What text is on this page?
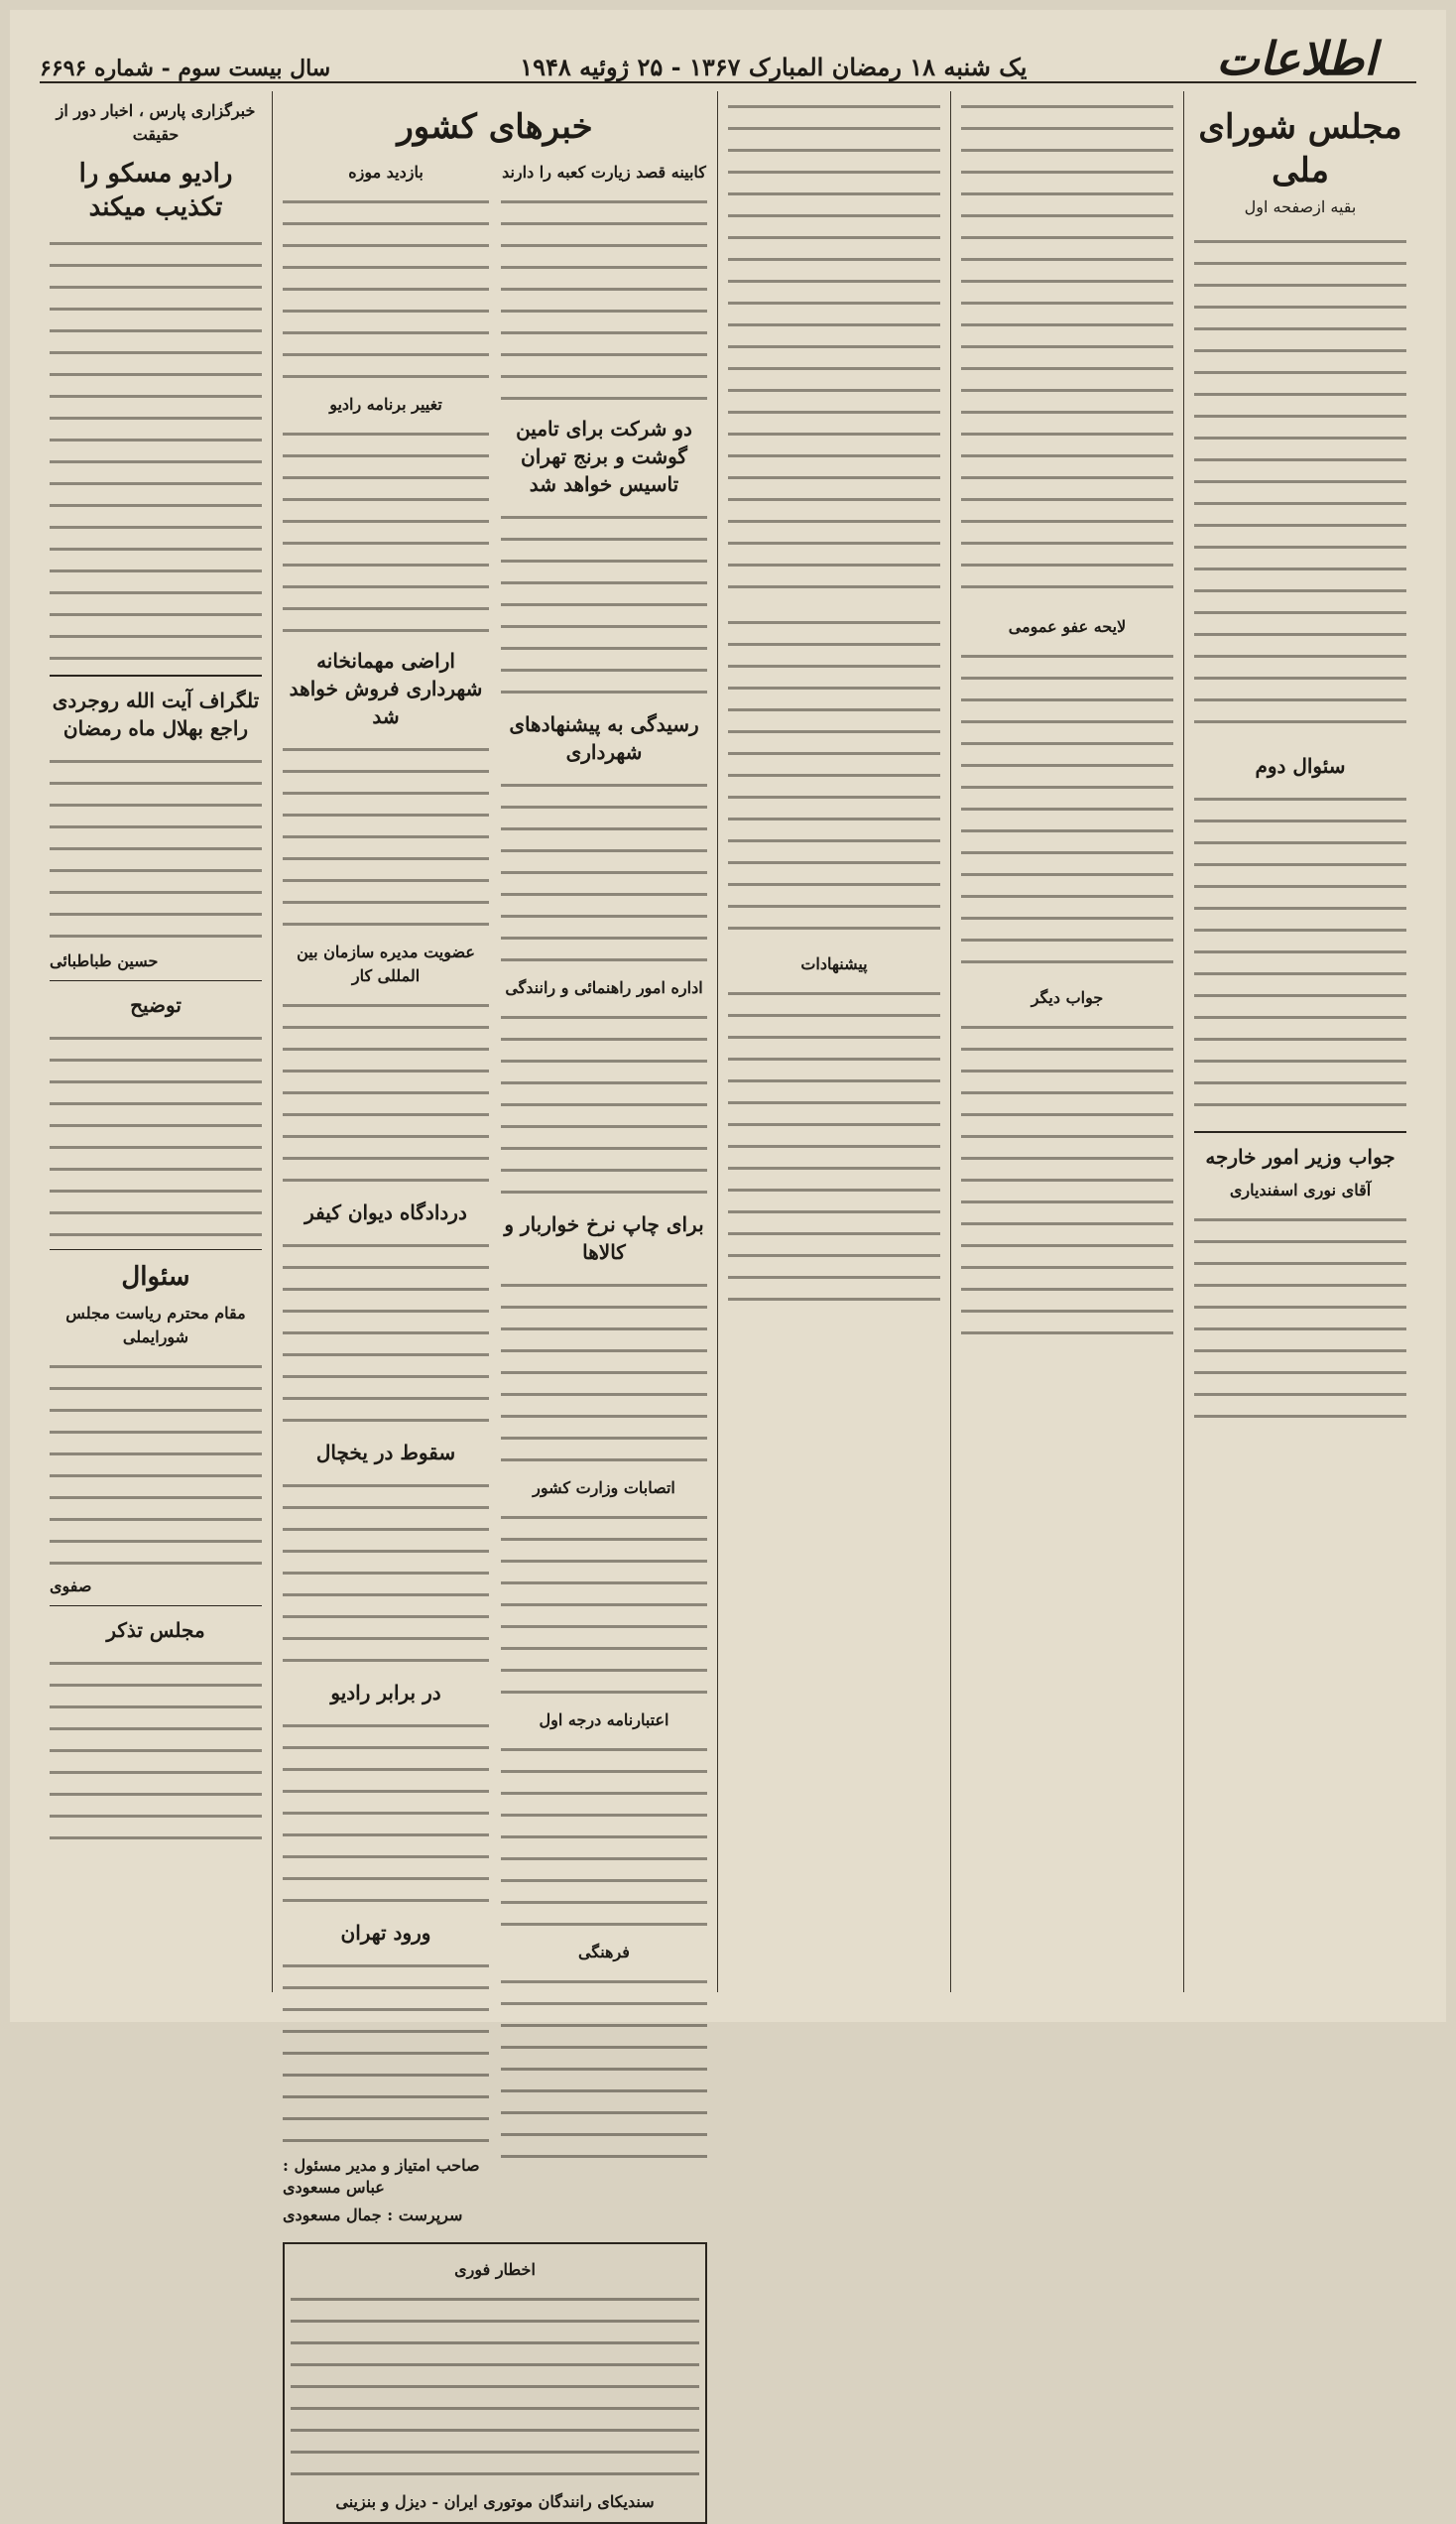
اطلاعات
یک شنبه ۱۸ رمضان المبارک ۱۳۶۷ - ۲۵ ژوئیه ۱۹۴۸
سال بیست سوم - شماره ۶۶۹۶
مجلس شورای ملی
بقیه ازصفحه اول
سئوال دوم
جواب وزیر امور خارجه
آقای نوری اسفندیاری
لایحه عفو عمومی
جواب دیگر
پیشنهادات
خبرهای کشور
کابینه قصد زیارت کعبه را دارند
دو شرکت برای تامین گوشت و برنج تهران تاسیس خواهد شد
رسیدگی به پیشنهادهای شهرداری
اداره امور راهنمائی و رانندگی
برای چاپ نرخ خواربار و کالاها
اتصابات وزارت کشور
اعتبارنامه درجه اول
فرهنگی
بازدید موزه
تغییر برنامه رادیو
اراضی مهمانخانه شهرداری فروش خواهد شد
عضویت مدیره سازمان بین المللی کار
دردادگاه دیوان کیفر
سقوط در یخچال
در برابر رادیو
ورود تهران
صاحب امتیاز و مدیر مسئول : عباس مسعودی
سرپرست : جمال مسعودی
اخطار فوری
سندیکای رانندگان موتوری ایران - دیزل و بنزینی
خبرگزاری پارس ، اخبار دور از حقیقت
رادیو مسکو را تکذیب میکند
تلگراف آیت الله روجردی راجع بهلال ماه رمضان
حسین طباطبائی
توضیح
سئوال
مقام محترم ریاست مجلس شورایملی
صفوی
مجلس تذکر
